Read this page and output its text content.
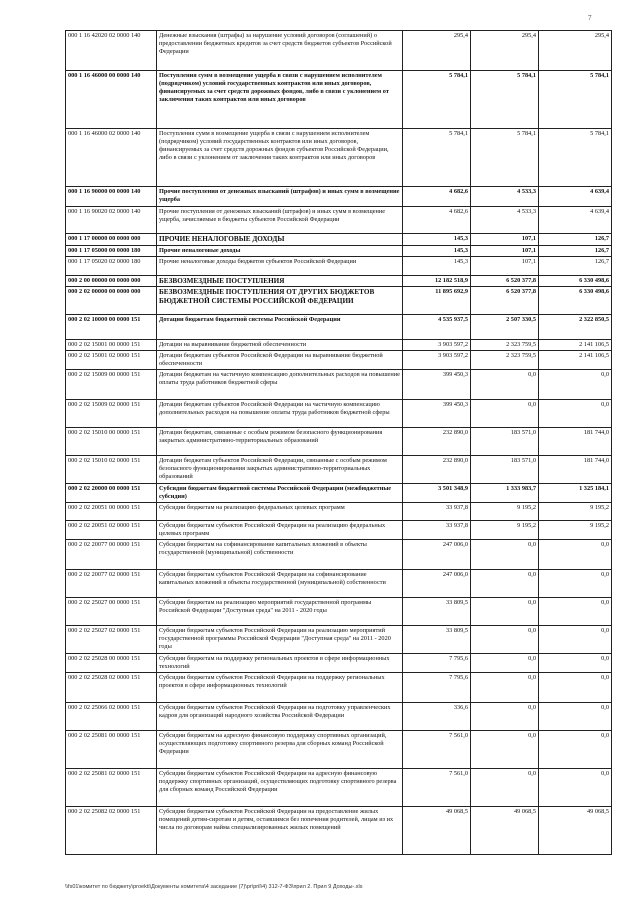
7
000 1 16 42020 02 0000 140	Денежные взыскания (штрафы) за нарушение условий договоров (соглашений) о предоставлении бюджетных кредитов за счет средств бюджетов субъектов Российской Федерации	295,4	295,4	295,4
000 1 16 46000 00 0000 140	Поступления сумм в возмещение ущерба в связи с нарушением исполнителем (подрядчиком) условий государственных контрактов или иных договоров, финансируемых за счет средств дорожных фондов, либо в связи с уклонением от заключения таких контрактов или иных договоров	5 784,1	5 784,1	5 784,1
000 1 16 46000 02 0000 140	Поступления сумм в возмещение ущерба в связи с нарушением исполнителем (подрядчиком) условий государственных контрактов или иных договоров, финансируемых за счет средств дорожных фондов субъектов Российской Федерации, либо в связи с уклонением от заключения таких контрактов или иных договоров	5 784,1	5 784,1	5 784,1
000 1 16 90000 00 0000 140	Прочие поступления от денежных взысканий (штрафов) и иных сумм в возмещение ущерба	4 682,6	4 533,3	4 639,4
000 1 16 90020 02 0000 140	Прочие поступления от денежных взысканий (штрафов) и иных сумм в возмещение ущерба, зачисляемые в бюджеты субъектов Российской Федерации	4 682,6	4 533,3	4 639,4
000 1 17 00000 00 0000 000	ПРОЧИЕ НЕНАЛОГОВЫЕ ДОХОДЫ	145,3	107,1	126,7
000 1 17 05000 00 0000 180	Прочие неналоговые доходы	145,3	107,1	126,7
000 1 17 05020 02 0000 180	Прочие неналоговые доходы бюджетов субъектов Российской Федерации	145,3	107,1	126,7
000 2 00 00000 00 0000 000	БЕЗВОЗМЕЗДНЫЕ ПОСТУПЛЕНИЯ	12 182 518,9	6 520 377,8	6 330 498,6
000 2 02 00000 00 0000 000	БЕЗВОЗМЕЗДНЫЕ ПОСТУПЛЕНИЯ ОТ ДРУГИХ БЮДЖЕТОВ БЮДЖЕТНОЙ СИСТЕМЫ РОССИЙСКОЙ ФЕДЕРАЦИИ	11 895 692,9	6 520 377,8	6 330 498,6
000 2 02 10000 00 0000 151	Дотации бюджетам бюджетной системы Российской Федерации	4 535 937,5	2 507 330,5	2 322 850,5
000 2 02 15001 00 0000 151	Дотации на выравнивание бюджетной обеспеченности	3 903 597,2	2 323 759,5	2 141 106,5
000 2 02 15001 02 0000 151	Дотации бюджетам субъектов Российской Федерации на выравнивание бюджетной обеспеченности	3 903 597,2	2 323 759,5	2 141 106,5
000 2 02 15009 00 0000 151	Дотации бюджетам на частичную компенсацию дополнительных расходов на повышение оплаты труда работников бюджетной сферы	399 450,3	0,0	0,0
000 2 02 15009 02 0000 151	Дотации бюджетам субъектов Российской Федерации на частичную компенсацию дополнительных расходов на повышение оплаты труда работников бюджетной сферы	399 450,3	0,0	0,0
000 2 02 15010 00 0000 151	Дотации бюджетам, связанные с особым режимом безопасного функционирования закрытых административно-территориальных образований	232 890,0	183 571,0	181 744,0
000 2 02 15010 02 0000 151	Дотации бюджетам субъектов Российской Федерации, связанные с особым режимом безопасного функционирования закрытых административно-территориальных образований	232 890,0	183 571,0	181 744,0
000 2 02 20000 00 0000 151	Субсидии бюджетам бюджетной системы Российской Федерации (межбюджетные субсидии)	3 501 348,9	1 333 983,7	1 325 184,1
000 2 02 20051 00 0000 151	Субсидии бюджетам на реализацию федеральных целевых программ	33 937,8	9 195,2	9 195,2
000 2 02 20051 02 0000 151	Субсидии бюджетам субъектов Российской Федерации на реализацию федеральных целевых программ	33 937,8	9 195,2	9 195,2
000 2 02 20077 00 0000 151	Субсидии бюджетам на софинансирование капитальных вложений в объекты государственной (муниципальной) собственности	247 006,0	0,0	0,0
000 2 02 20077 02 0000 151	Субсидии бюджетам субъектов Российской Федерации на софинансирование капитальных вложений в объекты государственной (муниципальной) собственности	247 006,0	0,0	0,0
000 2 02 25027 00 0000 151	Субсидии бюджетам на реализацию мероприятий государственной программы Российской Федерации "Доступная среда" на 2011 - 2020 годы	33 809,5	0,0	0,0
000 2 02 25027 02 0000 151	Субсидии бюджетам субъектов Российской Федерации на реализацию мероприятий государственной программы Российской Федерации "Доступная среда" на 2011 - 2020 годы	33 809,5	0,0	0,0
000 2 02 25028 00 0000 151	Субсидии бюджетам на поддержку региональных проектов в сфере информационных технологий	7 795,6	0,0	0,0
000 2 02 25028 02 0000 151	Субсидии бюджетам субъектов Российской Федерации на поддержку региональных проектов в сфере информационных технологий	7 795,6	0,0	0,0
000 2 02 25066 02 0000 151	Субсидии бюджетам субъектов Российской Федерации на подготовку управленческих кадров для организаций народного хозяйства Российской Федерации	336,6	0,0	0,0
000 2 02 25081 00 0000 151	Субсидии бюджетам на адресную финансовую поддержку спортивных организаций, осуществляющих подготовку спортивного резерва для сборных команд Российской Федерации	7 561,0	0,0	0,0
000 2 02 25081 02 0000 151	Субсидии бюджетам субъектов Российской Федерации на адресную финансовую поддержку спортивных организаций, осуществляющих подготовку спортивного резерва для сборных команд Российской Федерации	7 561,0	0,0	0,0
000 2 02 25082 02 0000 151	Субсидии бюджетам субъектов Российской Федерации на предоставление жилых помещений детям-сиротам и детям, оставшимся без попечения родителей, лицам из их числа по договорам найма специализированных жилых помещений	49 068,5	49 068,5	49 068,5
\\fs01\комитет по бюджету\proekti\Документы комитета\4 заседание (7)\pr\pril\4) 312-7-ФЗ\прил 2. Прил 9 Доходы-.xls
